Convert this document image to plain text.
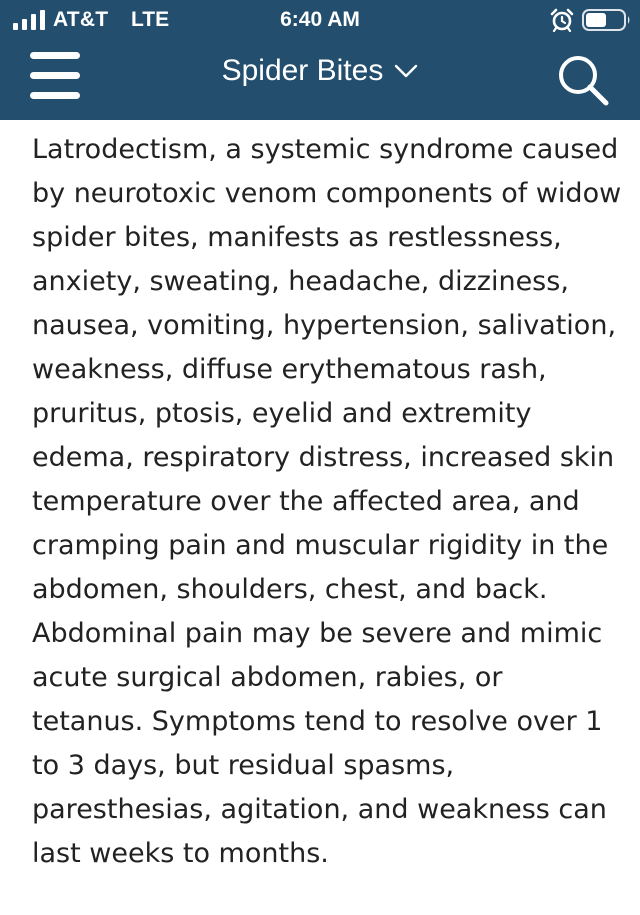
AT&T LTE	6:40 AM
Spider Bites

Latrodectism, a systemic syndrome caused by neurotoxic venom components of widow spider bites, manifests as restlessness, anxiety, sweating, headache, dizziness, nausea, vomiting, hypertension, salivation, weakness, diffuse erythematous rash, pruritus, ptosis, eyelid and extremity edema, respiratory distress, increased skin temperature over the affected area, and cramping pain and muscular rigidity in the abdomen, shoulders, chest, and back. Abdominal pain may be severe and mimic acute surgical abdomen, rabies, or tetanus. Symptoms tend to resolve over 1 to 3 days, but residual spasms, paresthesias, agitation, and weakness can last weeks to months.
